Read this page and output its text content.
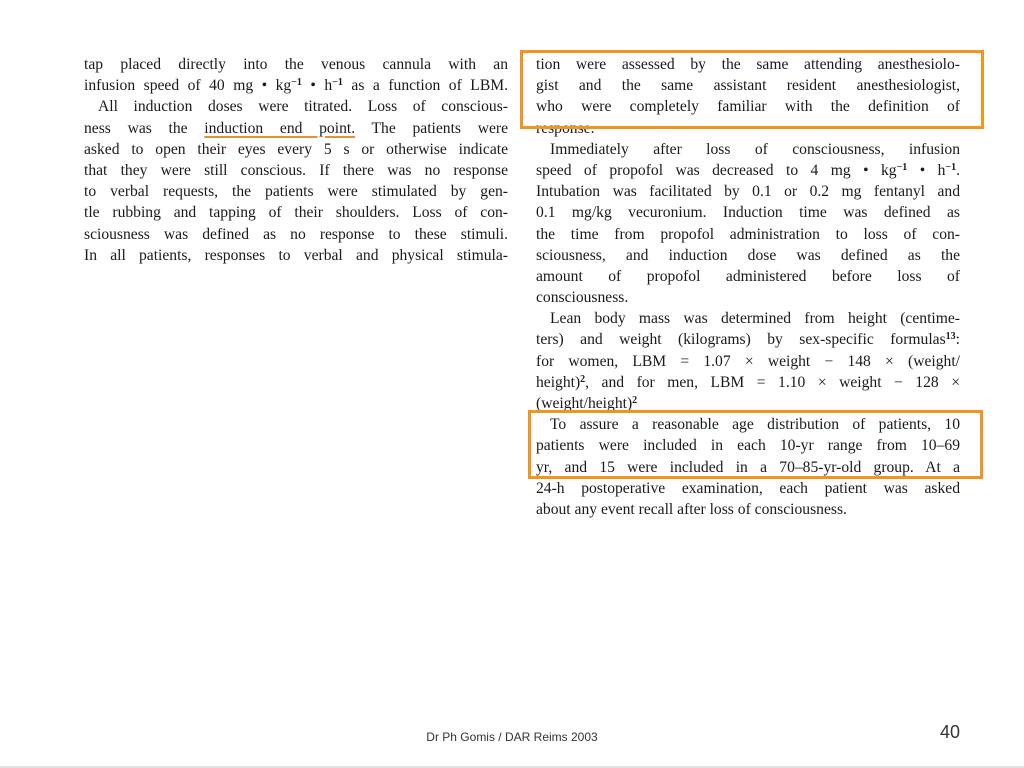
tap placed directly into the venous cannula with an
infusion speed of 40 mg • $kg^{-1}$ • $h^{-1}$ as a function of LBM.
All induction doses were titrated. Loss of conscious-
ness was the induction end point. The patients were
asked to open their eyes every 5 s or otherwise indicate
that they were still conscious. If there was no response
to verbal requests, the patients were stimulated by gen-
tle rubbing and tapping of their shoulders. Loss of con-
sciousness was defined as no response to these stimuli.
In all patients, responses to verbal and physical stimula-
tion were assessed by the same attending anesthesiolo-
gist and the same assistant resident anesthesiologist,
who were completely familiar with the definition of
response.
Immediately after loss of consciousness, infusion
speed of propofol was decreased to 4 mg • $kg^{-1}$ • $h^{-1}$.
Intubation was facilitated by 0.1 or 0.2 mg fentanyl and
0.1 mg/kg vecuronium. Induction time was defined as
the time from propofol administration to loss of con-
sciousness, and induction dose was defined as the
amount of propofol administered before loss of
consciousness.
Lean body mass was determined from height (centime-
ters) and weight (kilograms) by sex-specific formulas$^{13}$:
for women, LBM = 1.07 × weight − 148 × (weight/
height)$^2$, and for men, LBM = 1.10 × weight − 128 ×
(weight/height)$^2$
To assure a reasonable age distribution of patients, 10
patients were included in each 10-yr range from 10–69
yr, and 15 were included in a 70–85-yr-old group. At a
24-h postoperative examination, each patient was asked
about any event recall after loss of consciousness.
Dr Ph Gomis / DAR Reims 2003	40
